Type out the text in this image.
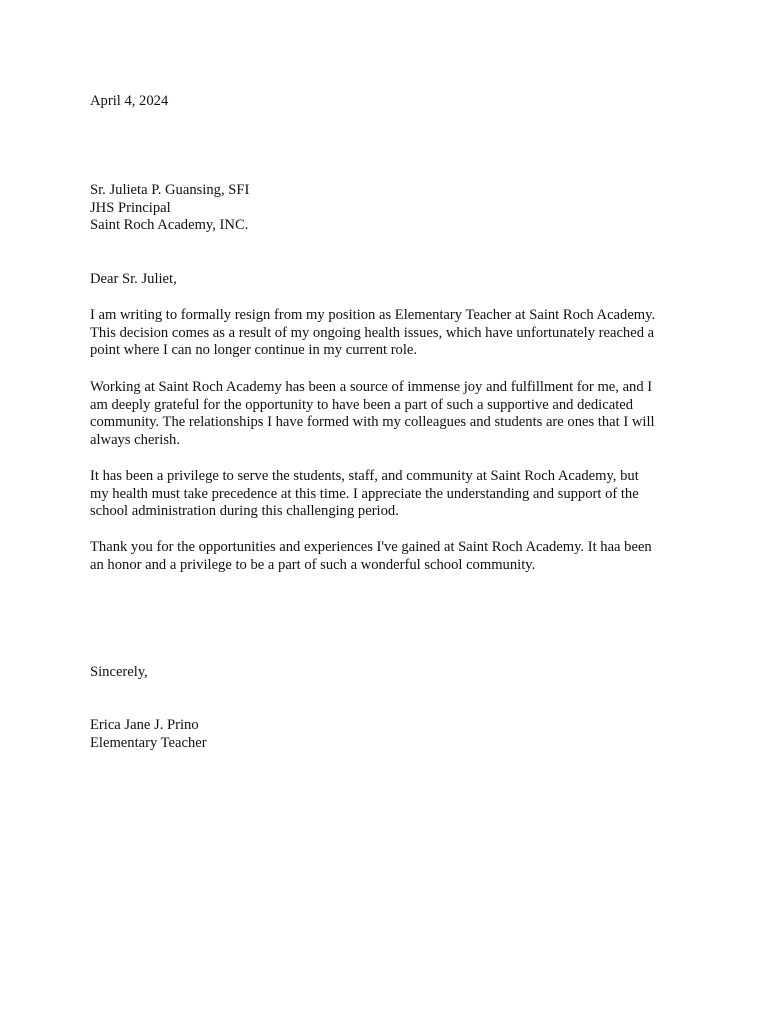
April 4, 2024
Sr. Julieta P. Guansing, SFI
JHS Principal
Saint Roch Academy, INC.
Dear Sr. Juliet,
I am writing to formally resign from my position as Elementary Teacher at Saint Roch Academy.
This decision comes as a result of my ongoing health issues, which have unfortunately reached a
point where I can no longer continue in my current role.
Working at Saint Roch Academy has been a source of immense joy and fulfillment for me, and I
am deeply grateful for the opportunity to have been a part of such a supportive and dedicated
community. The relationships I have formed with my colleagues and students are ones that I will
always cherish.
It has been a privilege to serve the students, staff, and community at Saint Roch Academy, but
my health must take precedence at this time. I appreciate the understanding and support of the
school administration during this challenging period.
Thank you for the opportunities and experiences I've gained at Saint Roch Academy. It haa been
an honor and a privilege to be a part of such a wonderful school community.
Sincerely,
Erica Jane J. Prino
Elementary Teacher
